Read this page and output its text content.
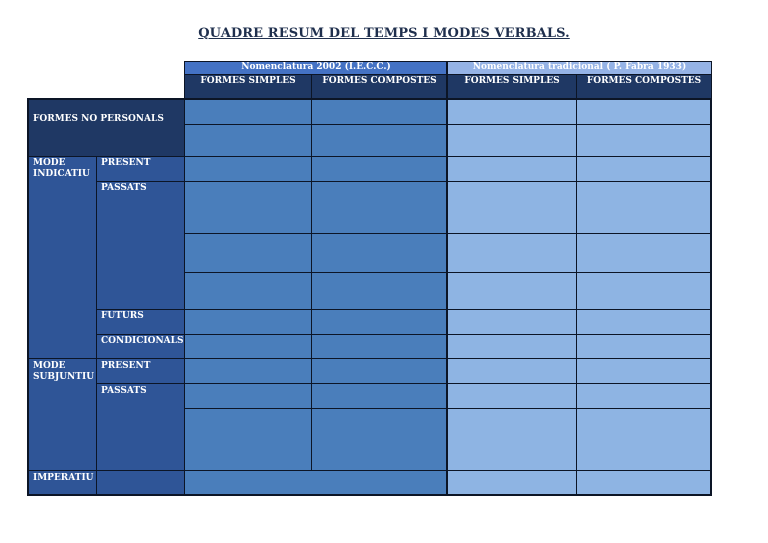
QUADRE RESUM DEL TEMPS I MODES VERBALS.
Nomenclatura 2002 (I.E.C.C.)	Nomenclatura tradicional ( P. Fabra 1933)
FORMES SIMPLES	FORMES COMPOSTES	FORMES SIMPLES	FORMES COMPOSTES
FORMES NO PERSONALS
MODE INDICATIU
PRESENT
PASSATS
FUTURS
CONDICIONALS
MODE SUBJUNTIU
PRESENT
PASSATS
IMPERATIU
